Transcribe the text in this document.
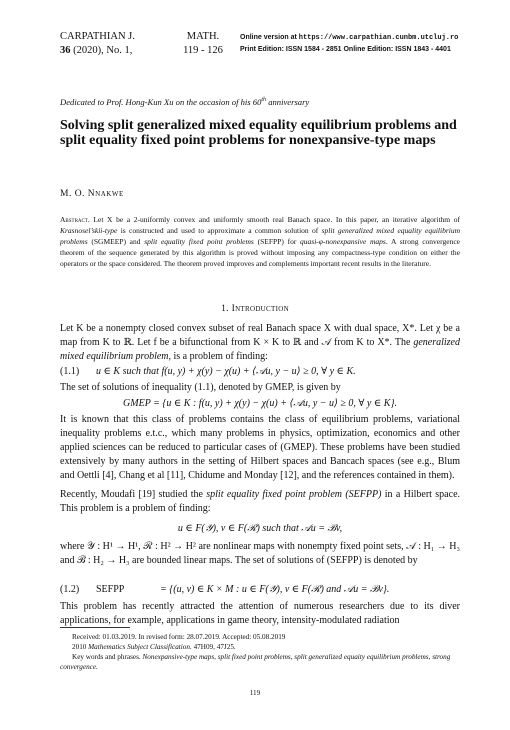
CARPATHIAN J.
36 (2020), No. 1,
MATH.
119 - 126
Online version at https://www.carpathian.cunbm.utcluj.ro
Print Edition: ISSN 1584 - 2851 Online Edition: ISSN 1843 - 4401
Dedicated to Prof. Hong-Kun Xu on the occasion of his 60th anniversary
Solving split generalized mixed equality equilibrium problems and split equality fixed point problems for nonexpansive-type maps
M. O. Nnakwe
Abstract. Let X be a 2-uniformly convex and uniformly smooth real Banach space. In this paper, an iterative algorithm of Krasnosel’skii-type is constructed and used to approximate a common solution of split generalized mixed equality equilibrium problems (SGMEEP) and split equality fixed point problems (SEFPP) for quasi-φ-nonexpansive maps. A strong convergence theorem of the sequence generated by this algorithm is proved without imposing any compactness-type condition on either the operators or the space considered. The theorem proved improves and complements important recent results in the literature.
1. Introduction
Let K be a nonempty closed convex subset of real Banach space X with dual space, X*. Let χ be a map from K to ℝ. Let f be a bifunctional from K × K to ℝ and 𝒜 from K to X*. The generalized mixed equilibrium problem, is a problem of finding:
(1.1) u ∈ K such that f(u, y) + χ(y) − χ(u) + ⟨𝒜u, y − u⟩ ≥ 0, ∀ y ∈ K.
The set of solutions of inequality (1.1), denoted by GMEP, is given by
GMEP = {u ∈ K : f(u, y) + χ(y) − χ(u) + ⟨𝒜u, y − u⟩ ≥ 0, ∀ y ∈ K}.
It is known that this class of problems contains the class of equilibrium problems, variational inequality problems e.t.c., which many problems in physics, optimization, economics and other applied sciences can be reduced to particular cases of (GMEP). These problems have been studied extensively by many authors in the setting of Hilbert spaces and Bancach spaces (see e.g., Blum and Oettli [4], Chang et al [11], Chidume and Monday [12], and the references contained in them).
Recently, Moudafi [19] studied the split equality fixed point problem (SEFPP) in a Hilbert space. This problem is a problem of finding:
u ∈ F(𝒴), v ∈ F(ℛ) such that 𝒜u = ℬv,
where 𝒴 : H¹ → H¹, ℛ : H² → H² are nonlinear maps with nonempty fixed point sets, 𝒜 : H₁ → H₃ and ℬ : H₂ → H₃ are bounded linear maps. The set of solutions of (SEFPP) is denoted by
(1.2) SEFPP	= {(u, v) ∈ K × M : u ∈ F(𝒴), v ∈ F(ℛ) and 𝒜u = ℬv}.
This problem has recently attracted the attention of numerous researchers due to its diver applications, for example, applications in game theory, intensity-modulated radiation
Received: 01.03.2019. In revised form: 28.07.2019. Accepted: 05.08.2019
2010 Mathematics Subject Classification. 47H09, 47J25.
Key words and phrases. Nonexpansive-type maps, split fixed point problems, split generalized equaity equilibrium problems, strong convergence.
119
